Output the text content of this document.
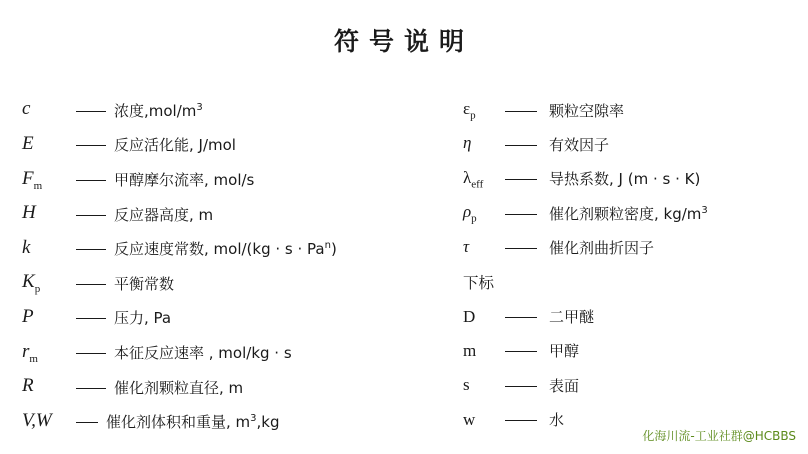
符号说明
c	浓度$,mol/m^3$
E	反应活化能, J/mol
$F_m$	甲醇摩尔流率, mol/s
H	反应器高度, m
k	反应速度常数, $mol/(kg \cdot s \cdot Pa^n)$
$K_p$	平衡常数
P	压力, Pa
$r_m$	本征反应速率 , mol/kg · s
R	催化剂颗粒直径, m
V,W	催化剂体积和重量, $m^3,kg$
$\varepsilon_p$	颗粒空隙率
η	有效因子
$\lambda_{eff}$	导热系数, J (m · s · K)
$\rho_p$	催化剂颗粒密度, $kg/m^3$
τ	催化剂曲折因子
下标
D	二甲醚
m	甲醇
s	表面
w	水
化海川流-工业社群@HCBBS
